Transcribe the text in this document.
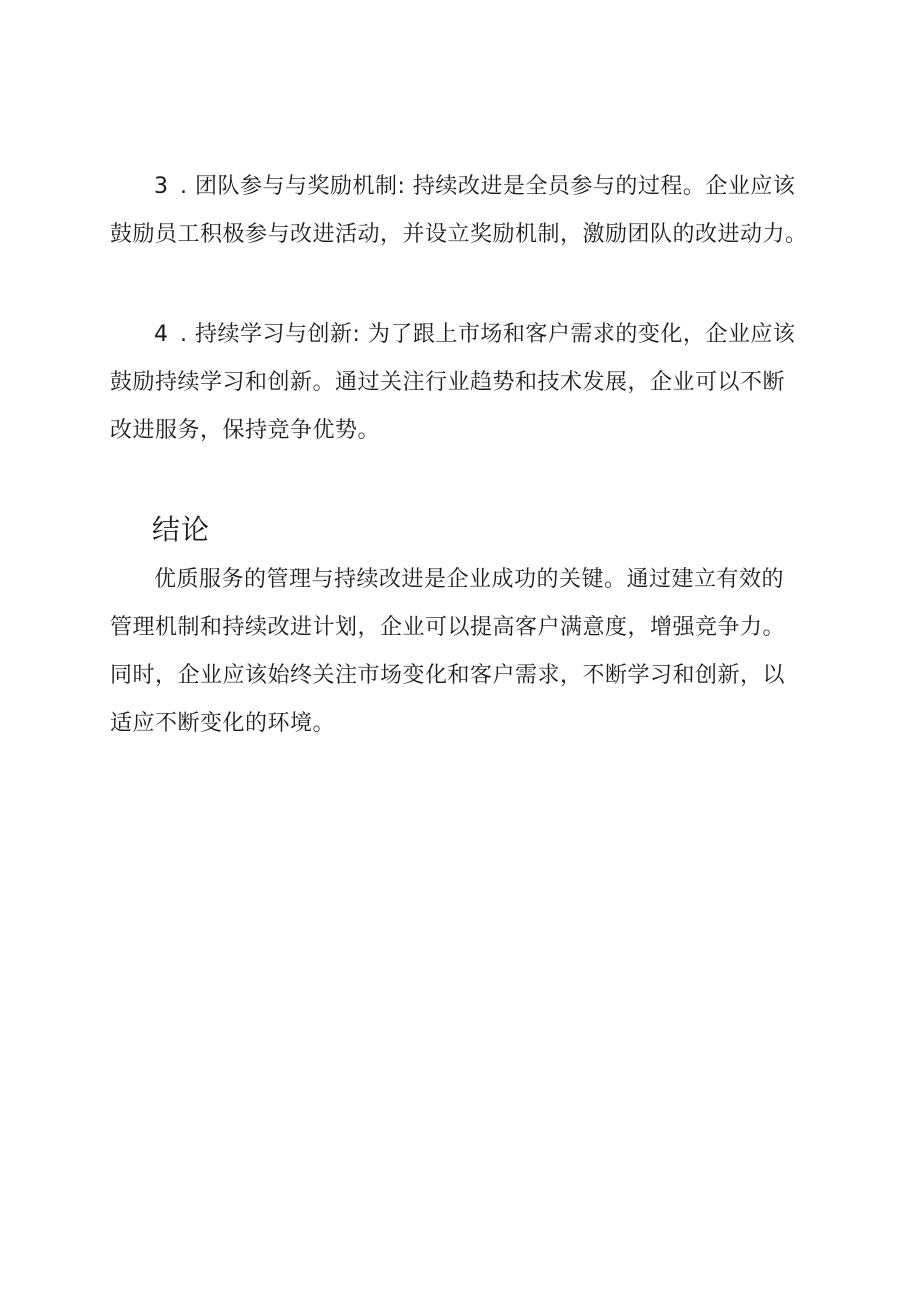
3 . 团队参与与奖励机制: 持续改进是全员参与的过程。企业应该
鼓励员工积极参与改进活动，并设立奖励机制，激励团队的改进动力。

4 . 持续学习与创新: 为了跟上市场和客户需求的变化，企业应该
鼓励持续学习和创新。通过关注行业趋势和技术发展，企业可以不断
改进服务，保持竞争优势。

结论

优质服务的管理与持续改进是企业成功的关键。通过建立有效的
管理机制和持续改进计划，企业可以提高客户满意度，增强竞争力。
同时，企业应该始终关注市场变化和客户需求，不断学习和创新，以
适应不断变化的环境。
